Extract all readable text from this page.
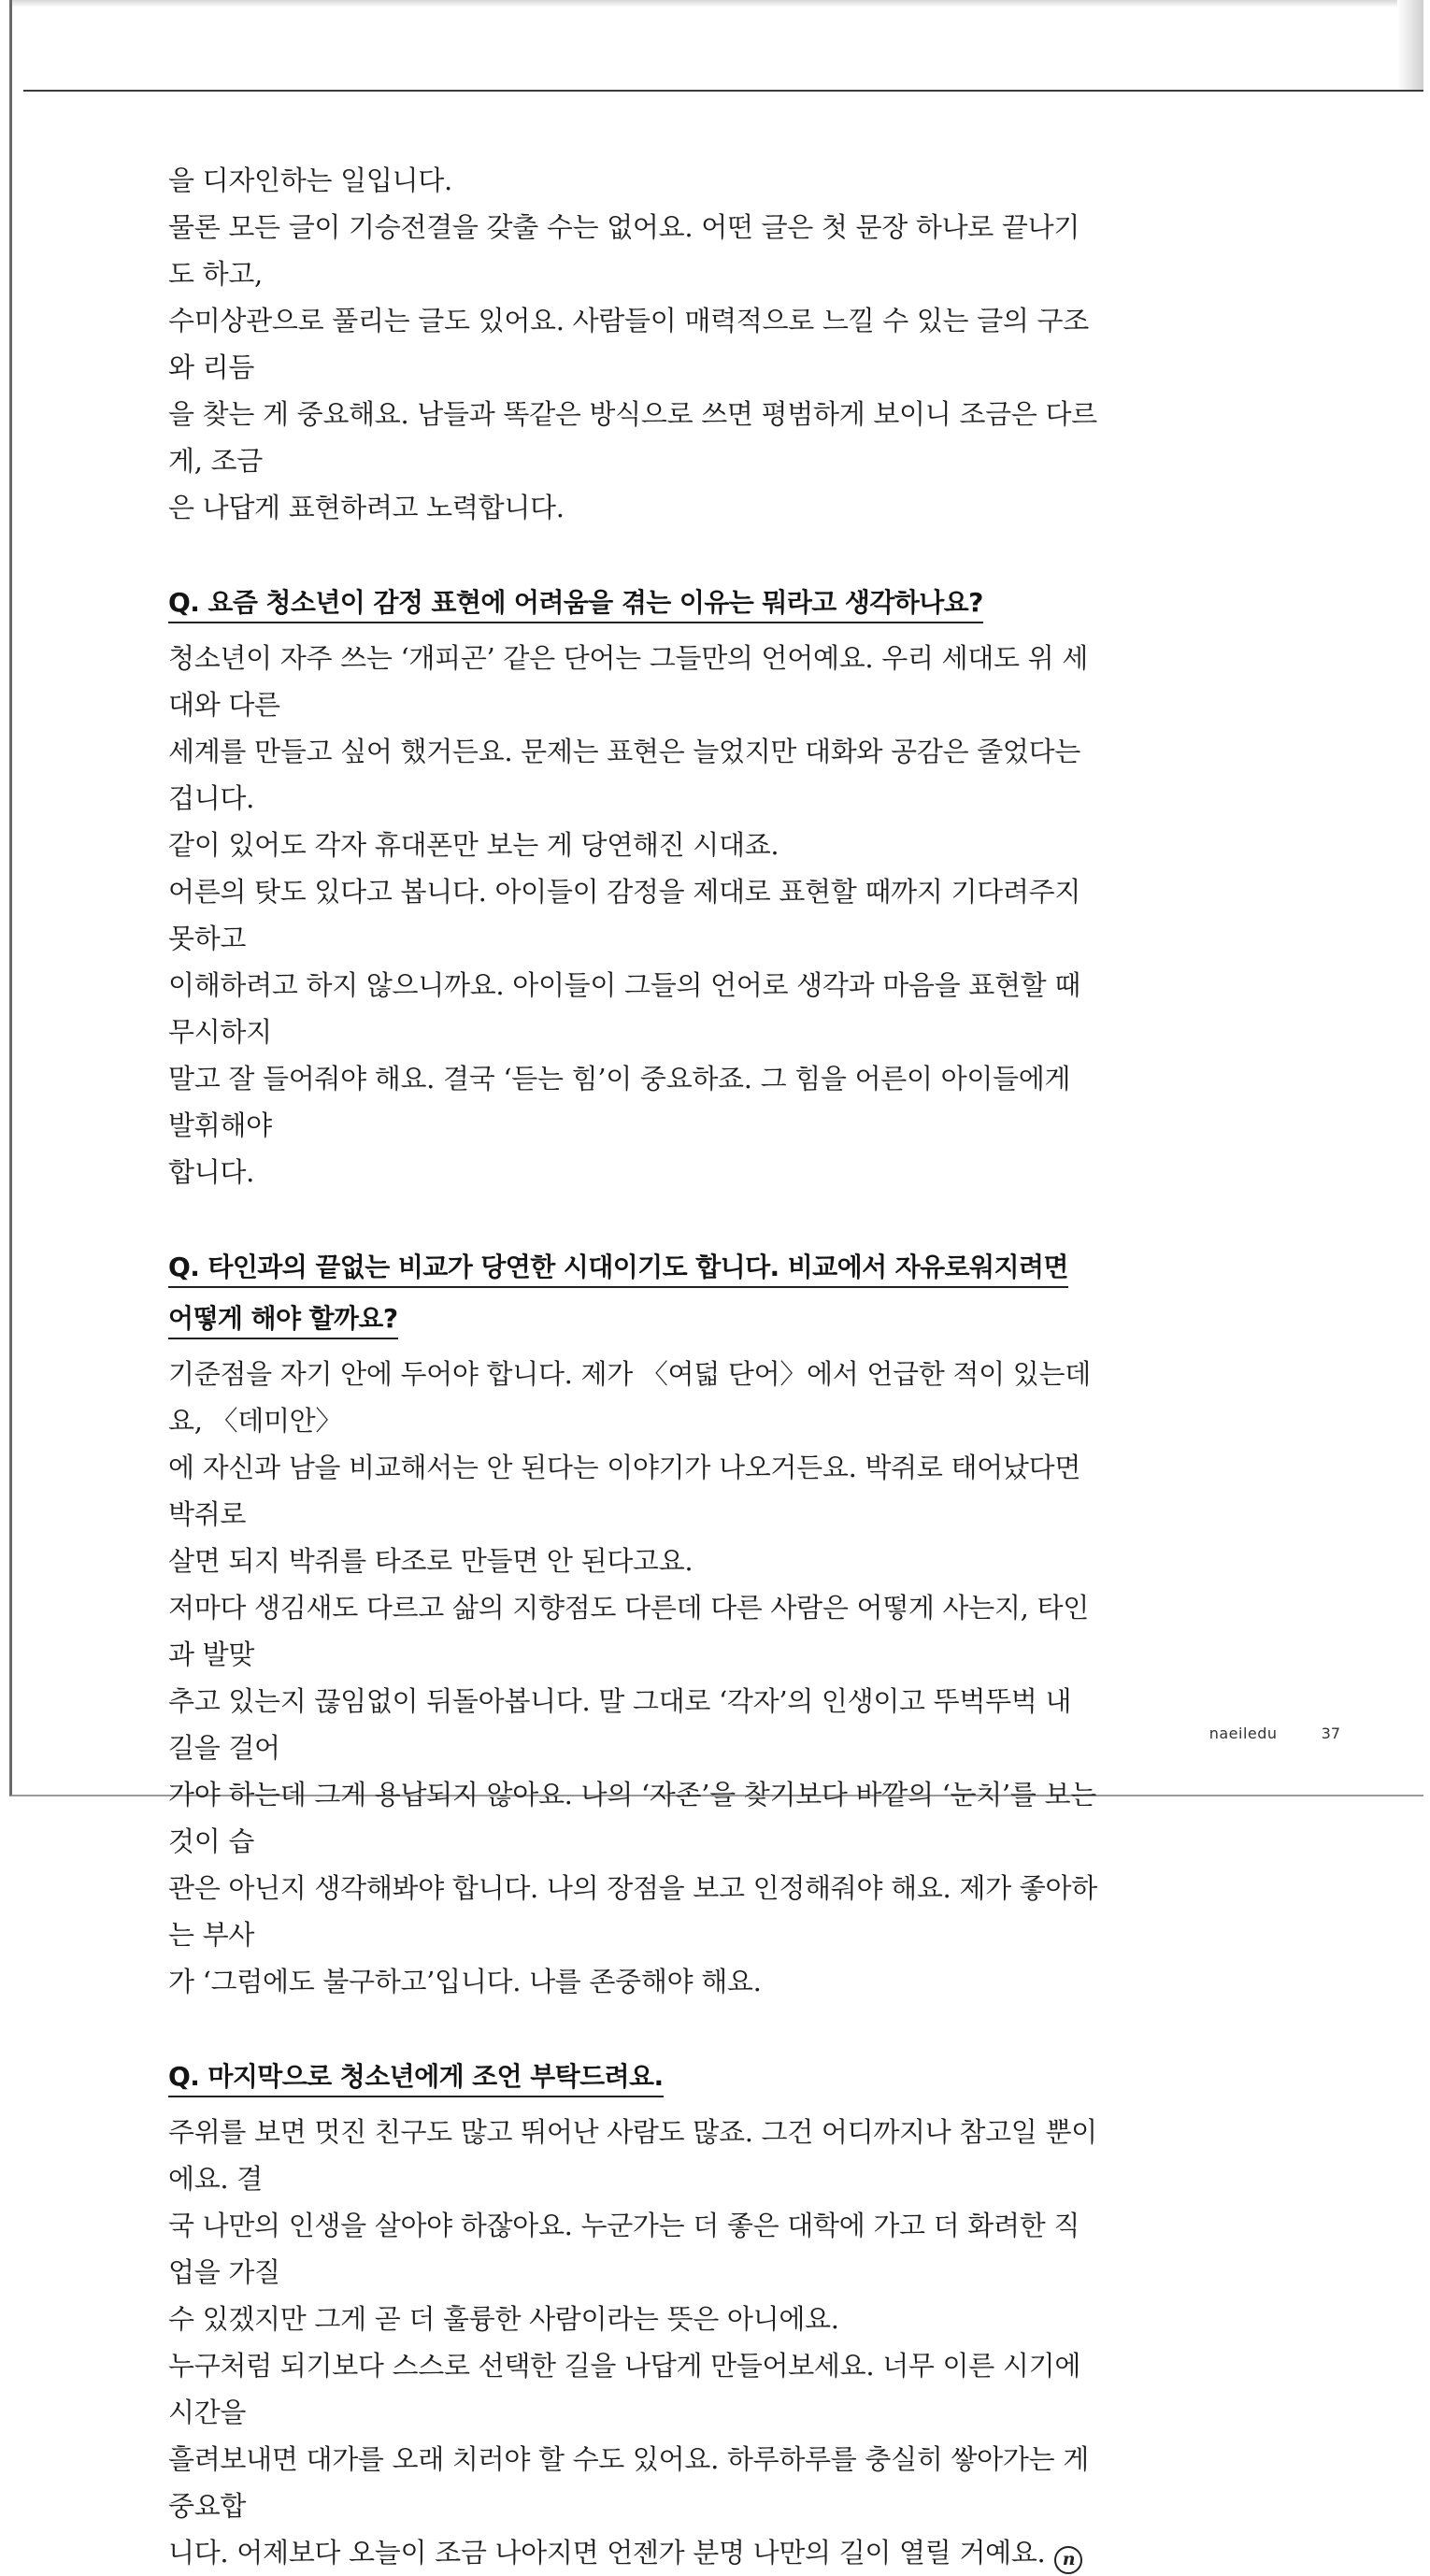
을 디자인하는 일입니다.

물론 모든 글이 기승전결을 갖출 수는 없어요. 어떤 글은 첫 문장 하나로 끝나기도 하고,

수미상관으로 풀리는 글도 있어요. 사람들이 매력적으로 느낄 수 있는 글의 구조와 리듬

을 찾는 게 중요해요. 남들과 똑같은 방식으로 쓰면 평범하게 보이니 조금은 다르게, 조금

은 나답게 표현하려고 노력합니다.

Q. 요즘 청소년이 감정 표현에 어려움을 겪는 이유는 뭐라고 생각하나요?

청소년이 자주 쓰는 ‘개피곤’ 같은 단어는 그들만의 언어예요. 우리 세대도 위 세대와 다른

세계를 만들고 싶어 했거든요. 문제는 표현은 늘었지만 대화와 공감은 줄었다는 겁니다.

같이 있어도 각자 휴대폰만 보는 게 당연해진 시대죠.

어른의 탓도 있다고 봅니다. 아이들이 감정을 제대로 표현할 때까지 기다려주지 못하고

이해하려고 하지 않으니까요. 아이들이 그들의 언어로 생각과 마음을 표현할 때 무시하지

말고 잘 들어줘야 해요. 결국 ‘듣는 힘’이 중요하죠. 그 힘을 어른이 아이들에게 발휘해야

합니다.

Q. 타인과의 끝없는 비교가 당연한 시대이기도 합니다. 비교에서 자유로워지려면
어떻게 해야 할까요?

기준점을 자기 안에 두어야 합니다. 제가 〈여덟 단어〉에서 언급한 적이 있는데요, 〈데미안〉

에 자신과 남을 비교해서는 안 된다는 이야기가 나오거든요. 박쥐로 태어났다면 박쥐로

살면 되지 박쥐를 타조로 만들면 안 된다고요.

저마다 생김새도 다르고 삶의 지향점도 다른데 다른 사람은 어떻게 사는지, 타인과 발맞

추고 있는지 끊임없이 뒤돌아봅니다. 말 그대로 ‘각자’의 인생이고 뚜벅뚜벅 내 길을 걸어

가야 하는데 그게 용납되지 않아요. 나의 ‘자존’을 찾기보다 바깥의 ‘눈치’를 보는 것이 습

관은 아닌지 생각해봐야 합니다. 나의 장점을 보고 인정해줘야 해요. 제가 좋아하는 부사

가 ‘그럼에도 불구하고’입니다. 나를 존중해야 해요.

Q. 마지막으로 청소년에게 조언 부탁드려요.

주위를 보면 멋진 친구도 많고 뛰어난 사람도 많죠. 그건 어디까지나 참고일 뿐이에요. 결

국 나만의 인생을 살아야 하잖아요. 누군가는 더 좋은 대학에 가고 더 화려한 직업을 가질

수 있겠지만 그게 곧 더 훌륭한 사람이라는 뜻은 아니에요.

누구처럼 되기보다 스스로 선택한 길을 나답게 만들어보세요. 너무 이른 시기에 시간을

흘려보내면 대가를 오래 치러야 할 수도 있어요. 하루하루를 충실히 쌓아가는 게 중요합

니다. 어제보다 오늘이 조금 나아지면 언젠가 분명 나만의 길이 열릴 거예요. n

naeiledu	37
